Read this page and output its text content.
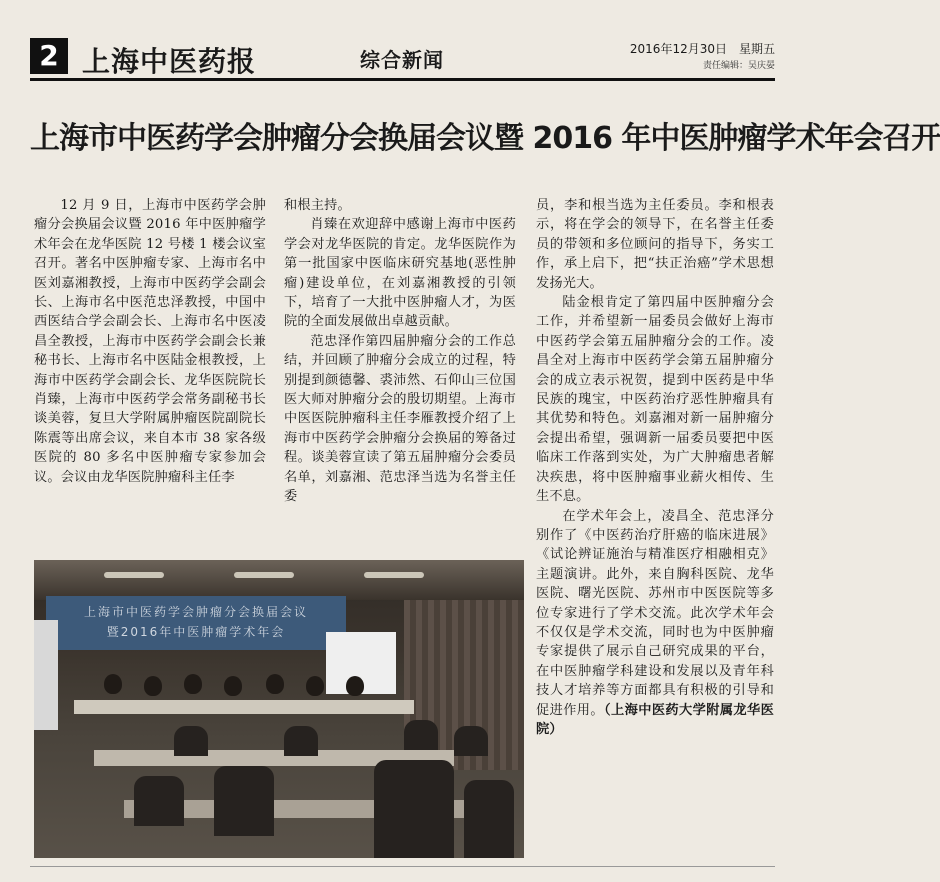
2 上海中医药报	综合新闻	2016年12月30日　星期五
责任编辑：吴庆晏
上海市中医药学会肿瘤分会换届会议暨 2016 年中医肿瘤学术年会召开

12 月 9 日，上海市中医药学会肿瘤分会换届会议暨 2016 年中医肿瘤学术年会在龙华医院 12 号楼 1 楼会议室召开。著名中医肿瘤专家、上海市名中医刘嘉湘教授，上海市中医药学会副会长、上海市名中医范忠泽教授，中国中西医结合学会副会长、上海市名中医凌昌全教授，上海市中医药学会副会长兼秘书长、上海市名中医陆金根教授，上海市中医药学会副会长、龙华医院院长肖臻，上海市中医药学会常务副秘书长谈美蓉，复旦大学附属肿瘤医院副院长陈震等出席会议，来自本市 38 家各级医院的 80 多名中医肿瘤专家参加会议。会议由龙华医院肿瘤科主任李

和根主持。

肖臻在欢迎辞中感谢上海市中医药学会对龙华医院的肯定。龙华医院作为第一批国家中医临床研究基地(恶性肿瘤)建设单位，在刘嘉湘教授的引领下，培育了一大批中医肿瘤人才，为医院的全面发展做出卓越贡献。

范忠泽作第四届肿瘤分会的工作总结，并回顾了肿瘤分会成立的过程，特别提到颜德馨、裘沛然、石仰山三位国医大师对肿瘤分会的殷切期望。上海市中医医院肿瘤科主任李雁教授介绍了上海市中医药学会肿瘤分会换届的筹备过程。谈美蓉宣读了第五届肿瘤分会委员名单，刘嘉湘、范忠泽当选为名誉主任委

员，李和根当选为主任委员。李和根表示，将在学会的领导下，在名誉主任委员的带领和多位顾问的指导下，务实工作，承上启下，把“扶正治癌”学术思想发扬光大。

陆金根肯定了第四届中医肿瘤分会工作，并希望新一届委员会做好上海市中医药学会第五届肿瘤分会的工作。凌昌全对上海市中医药学会第五届肿瘤分会的成立表示祝贺，提到中医药是中华民族的瑰宝，中医药治疗恶性肿瘤具有其优势和特色。刘嘉湘对新一届肿瘤分会提出希望，强调新一届委员要把中医临床工作落到实处，为广大肿瘤患者解决疾患，将中医肿瘤事业薪火相传、生生不息。

在学术年会上，凌昌全、范忠泽分别作了《中医药治疗肝癌的临床进展》《试论辨证施治与精准医疗相融相克》主题演讲。此外，来自胸科医院、龙华医院、曙光医院、苏州市中医医院等多位专家进行了学术交流。此次学术年会不仅仅是学术交流，同时也为中医肿瘤专家提供了展示自己研究成果的平台，在中医肿瘤学科建设和发展以及青年科技人才培养等方面都具有积极的引导和促进作用。（上海中医药大学附属龙华医院）

上海市中医药学会肿瘤分会换届会议
暨2016年中医肿瘤学术年会
